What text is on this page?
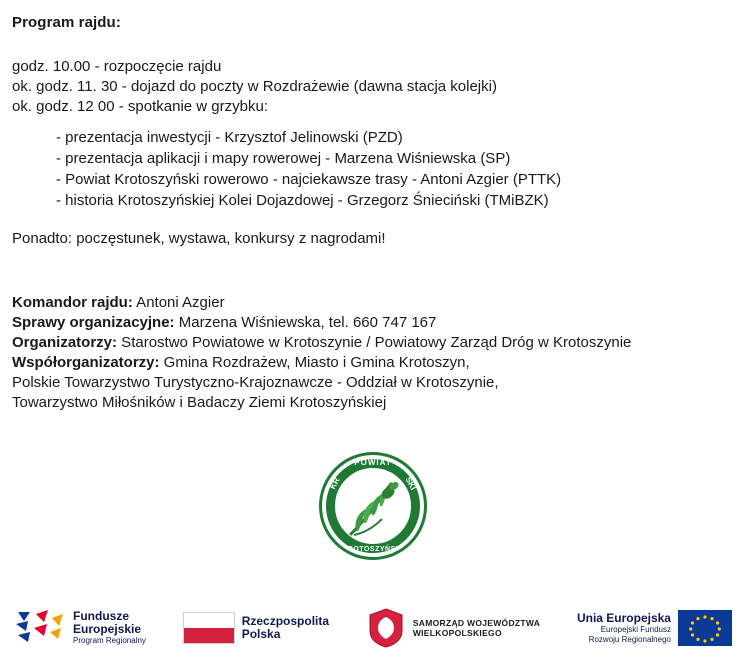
Program rajdu:

godz. 10.00 - rozpoczęcie rajdu

ok. godz. 11. 30 - dojazd do poczty w Rozdrażewie (dawna stacja kolejki)

ok. godz. 12 00 - spotkanie w grzybku:

- prezentacja inwestycji - Krzysztof Jelinowski (PZD)

- prezentacja aplikacji i mapy rowerowej - Marzena Wiśniewska (SP)

- Powiat Krotoszyński rowerowo - najciekawsze trasy - Antoni Azgier (PTTK)

- historia Krotoszyńskiej Kolei Dojazdowej - Grzegorz Śnieciński (TMiBZK)

Ponadto: poczęstunek, wystawa, konkursy z nagrodami!

Komandor rajdu: Antoni Azgier

Sprawy organizacyjne: Marzena Wiśniewska, tel. 660 747 167

Organizatorzy: Starostwo Powiatowe w Krotoszynie / Powiatowy Zarząd Dróg w Krotoszynie

Współorganizatorzy: Gmina Rozdrażew, Miasto i Gmina Krotoszyn,

Polskie Towarzystwo Turystyczno-Krajoznawcze - Oddział w Krotoszynie,

Towarzystwo Miłośników i Badaczy Ziemi Krotoszyńskiej

POWIAT
KR	SKI
KROTOSZYŃSKI
Fundusze
Europejskie
Program Regionalny
Rzeczpospolita
Polska
SAMORZĄD WOJEWÓDZTWA
WIELKOPOLSKIEGO
Unia Europejska
Europejski Fundusz
Rozwoju Regionalnego
